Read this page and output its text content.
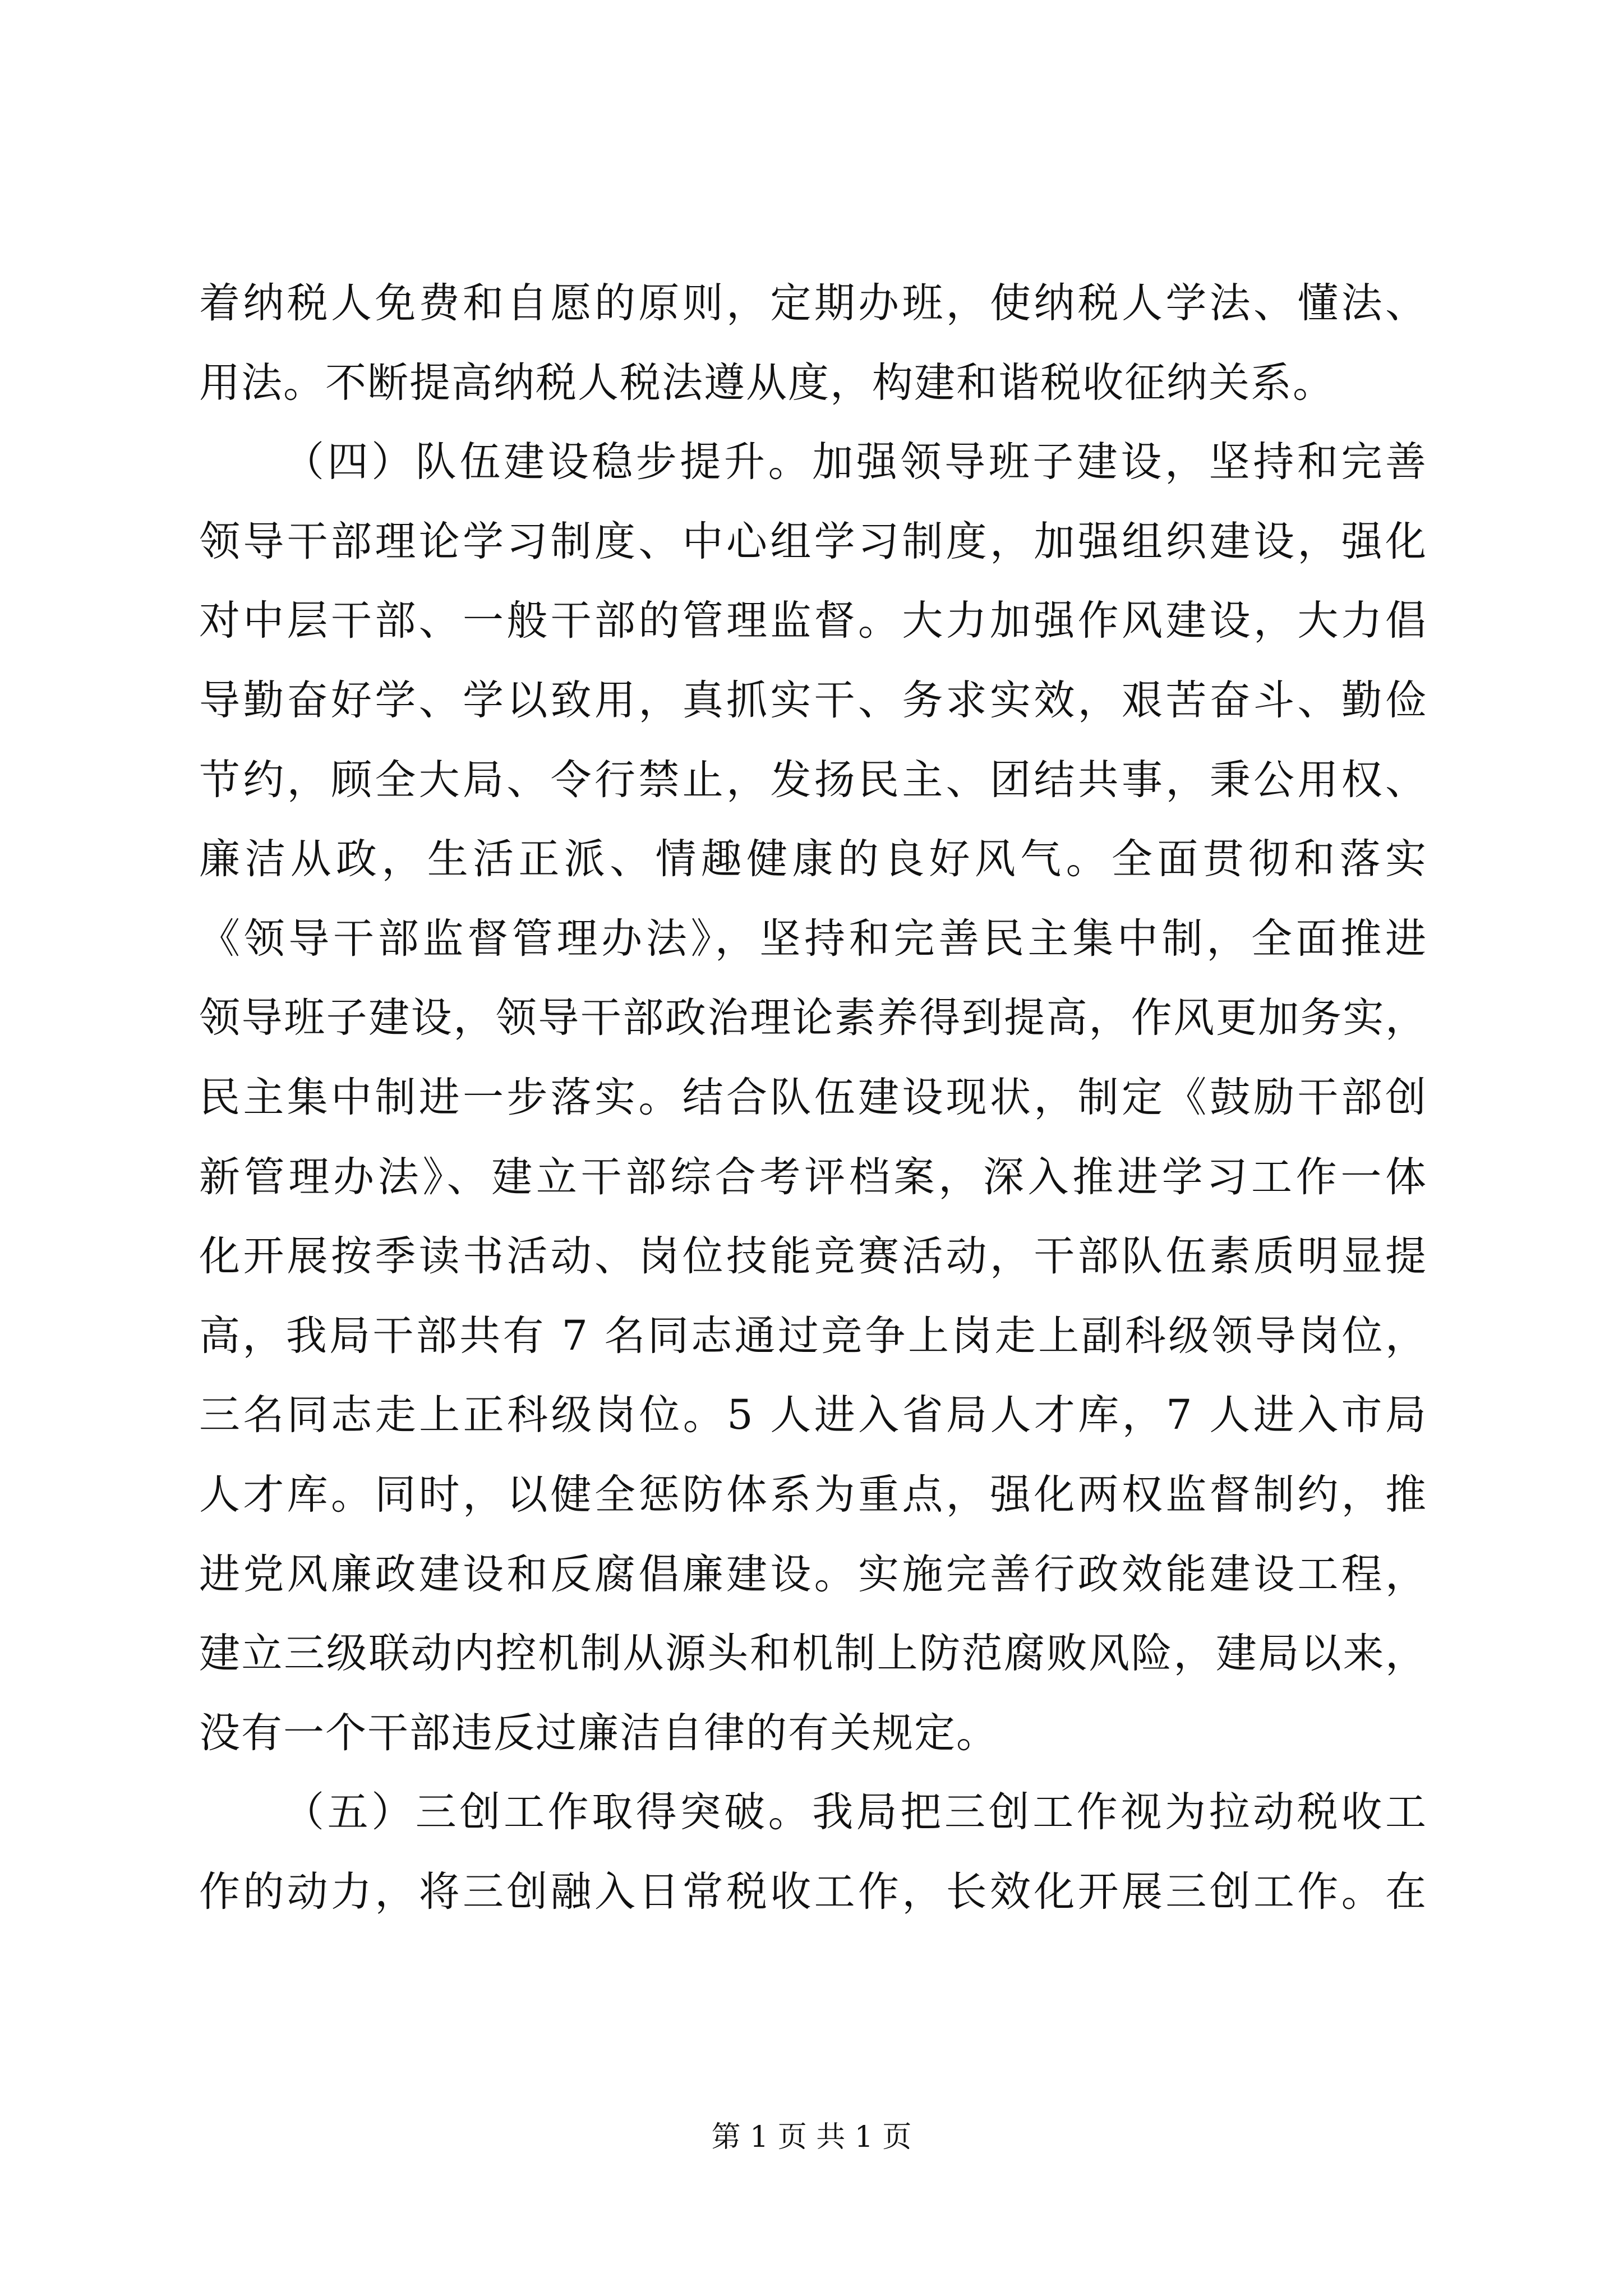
着纳税人免费和自愿的原则，定期办班，使纳税人学法、懂法、
用法。不断提高纳税人税法遵从度，构建和谐税收征纳关系。
（四）队伍建设稳步提升。加强领导班子建设，坚持和完善
领导干部理论学习制度、中心组学习制度，加强组织建设，强化
对中层干部、一般干部的管理监督。大力加强作风建设，大力倡
导勤奋好学、学以致用，真抓实干、务求实效，艰苦奋斗、勤俭
节约，顾全大局、令行禁止，发扬民主、团结共事，秉公用权、
廉洁从政，生活正派、情趣健康的良好风气。全面贯彻和落实
《领导干部监督管理办法》，坚持和完善民主集中制，全面推进
领导班子建设，领导干部政治理论素养得到提高，作风更加务实，
民主集中制进一步落实。结合队伍建设现状，制定《鼓励干部创
新管理办法》、建立干部综合考评档案，深入推进学习工作一体
化开展按季读书活动、岗位技能竞赛活动，干部队伍素质明显提
高，我局干部共有 7 名同志通过竞争上岗走上副科级领导岗位，
三名同志走上正科级岗位。5 人进入省局人才库，7 人进入市局
人才库。同时，以健全惩防体系为重点，强化两权监督制约，推
进党风廉政建设和反腐倡廉建设。实施完善行政效能建设工程，
建立三级联动内控机制从源头和机制上防范腐败风险，建局以来，
没有一个干部违反过廉洁自律的有关规定。
（五）三创工作取得突破。我局把三创工作视为拉动税收工
作的动力，将三创融入日常税收工作，长效化开展三创工作。在
第 1 页 共 1 页
